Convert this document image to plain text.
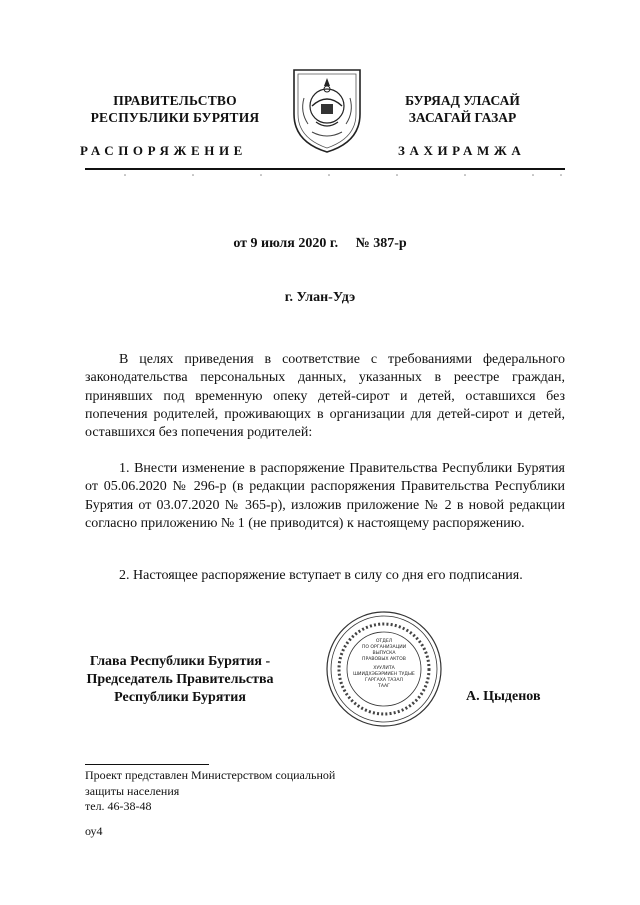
ПРАВИТЕЛЬСТВО
РЕСПУБЛИКИ БУРЯТИЯ
БУРЯАД УЛАСАЙ
ЗАСАГАЙ ГАЗАР
РАСПОРЯЖЕНИЕ	ЗАХИРАМЖА
от 9 июля 2020 г. № 387-р
г. Улан-Удэ
В целях приведения в соответствие с требованиями федерального законодательства персональных данных, указанных в реестре граждан, принявших под временную опеку детей-сирот и детей, оставшихся без попечения родителей, проживающих в организации для детей-сирот и детей, оставшихся без попечения родителей:
1. Внести изменение в распоряжение Правительства Республики Бурятия от 05.06.2020 № 296-р (в редакции распоряжения Правительства Республики Бурятия от 03.07.2020 № 365-р), изложив приложение № 2 в новой редакции согласно приложению № 1 (не приводится) к настоящему распоряжению.
2. Настоящее распоряжение вступает в силу со дня его подписания.
Глава Республики Бурятия -
Председатель Правительства
Республики Бурятия
ОТДЕЛ
ПО ОРГАНИЗАЦИИ
ВЫПУСКА
ПРАВОВЫХ АКТОВ
ХУУЛИТА
ШИИДХЭБЭРИИЕН ТУДЫЕ
ГАРГАХА ТАЗАЛ
ТААГ
А. Цыденов
Проект представлен Министерством социальной
защиты населения
тел. 46-38-48
оу4
